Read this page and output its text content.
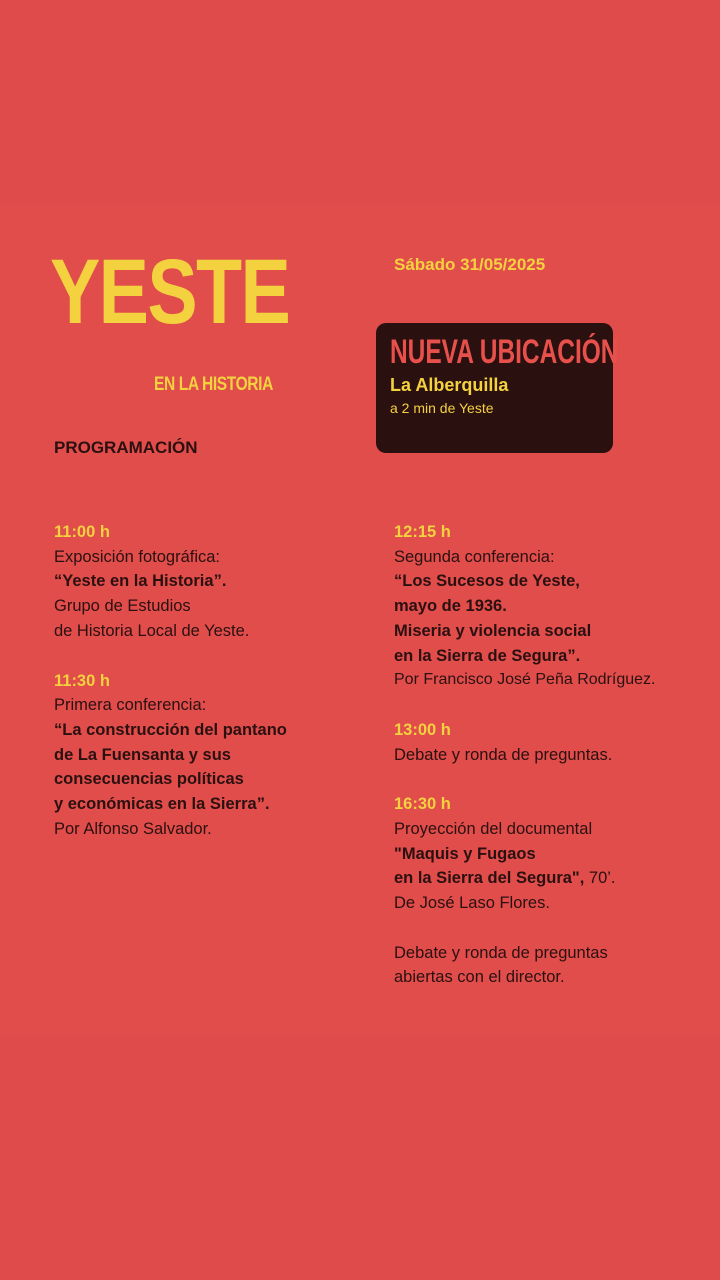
YESTE
EN LA HISTORIA
Sábado 31/05/2025
NUEVA UBICACIÓN
La Alberquilla
a 2 min de Yeste
PROGRAMACIÓN
11:00 h
Exposición fotográfica:
“Yeste en la Historia”.
Grupo de Estudios
de Historia Local de Yeste.
11:30 h
Primera conferencia:
“La construcción del pantano
de La Fuensanta y sus
consecuencias políticas
y económicas en la Sierra”.
Por Alfonso Salvador.
12:15 h
Segunda conferencia:
“Los Sucesos de Yeste,
mayo de 1936.
Miseria y violencia social
en la Sierra de Segura”.
Por Francisco José Peña Rodríguez.
13:00 h
Debate y ronda de preguntas.
16:30 h
Proyección del documental
"Maquis y Fugaos
en la Sierra del Segura", 70’.
De José Laso Flores.

Debate y ronda de preguntas
abiertas con el director.
